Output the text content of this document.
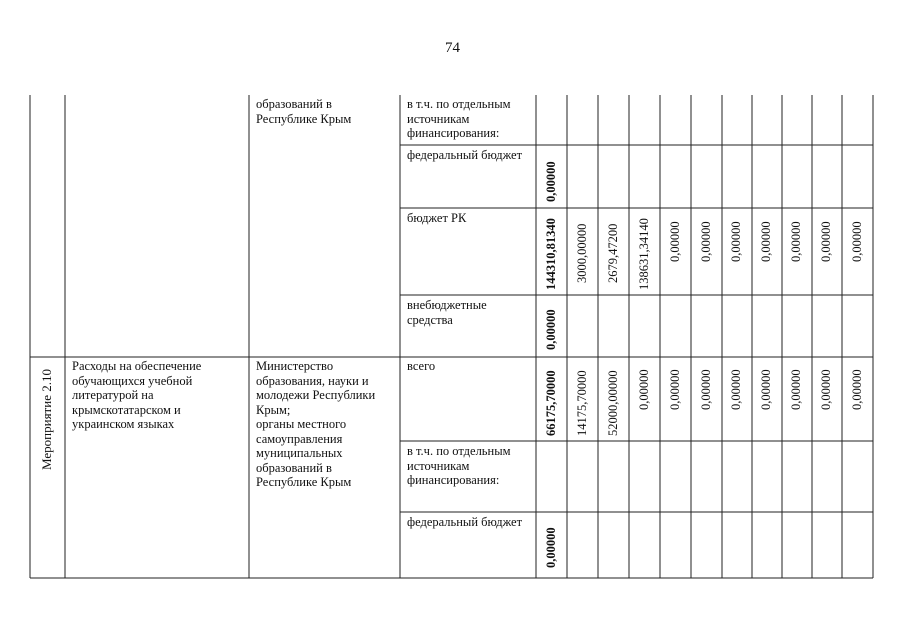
74
образований в
Республике Крым
в т.ч. по отдельным
источникам
финансирования:
федеральный бюджет
0,00000
бюджет РК
144310,81340 3000,00000 2679,47200 138631,34140 0,00000 0,00000 0,00000 0,00000 0,00000 0,00000 0,00000
внебюджетные
средства	0,00000
Мероприятие 2.10
Расходы на обеспечение
обучающихся учебной
литературой на
крымскотатарском и
украинском языках
Министерство
образования, науки и
молодежи Республики
Крым;
органы местного
самоуправления
муниципальных
образований в
Республике Крым
всего
66175,70000 14175,70000 52000,00000 0,00000 0,00000 0,00000 0,00000 0,00000 0,00000 0,00000 0,00000
в т.ч. по отдельным
источникам
финансирования:
федеральный бюджет
0,00000
